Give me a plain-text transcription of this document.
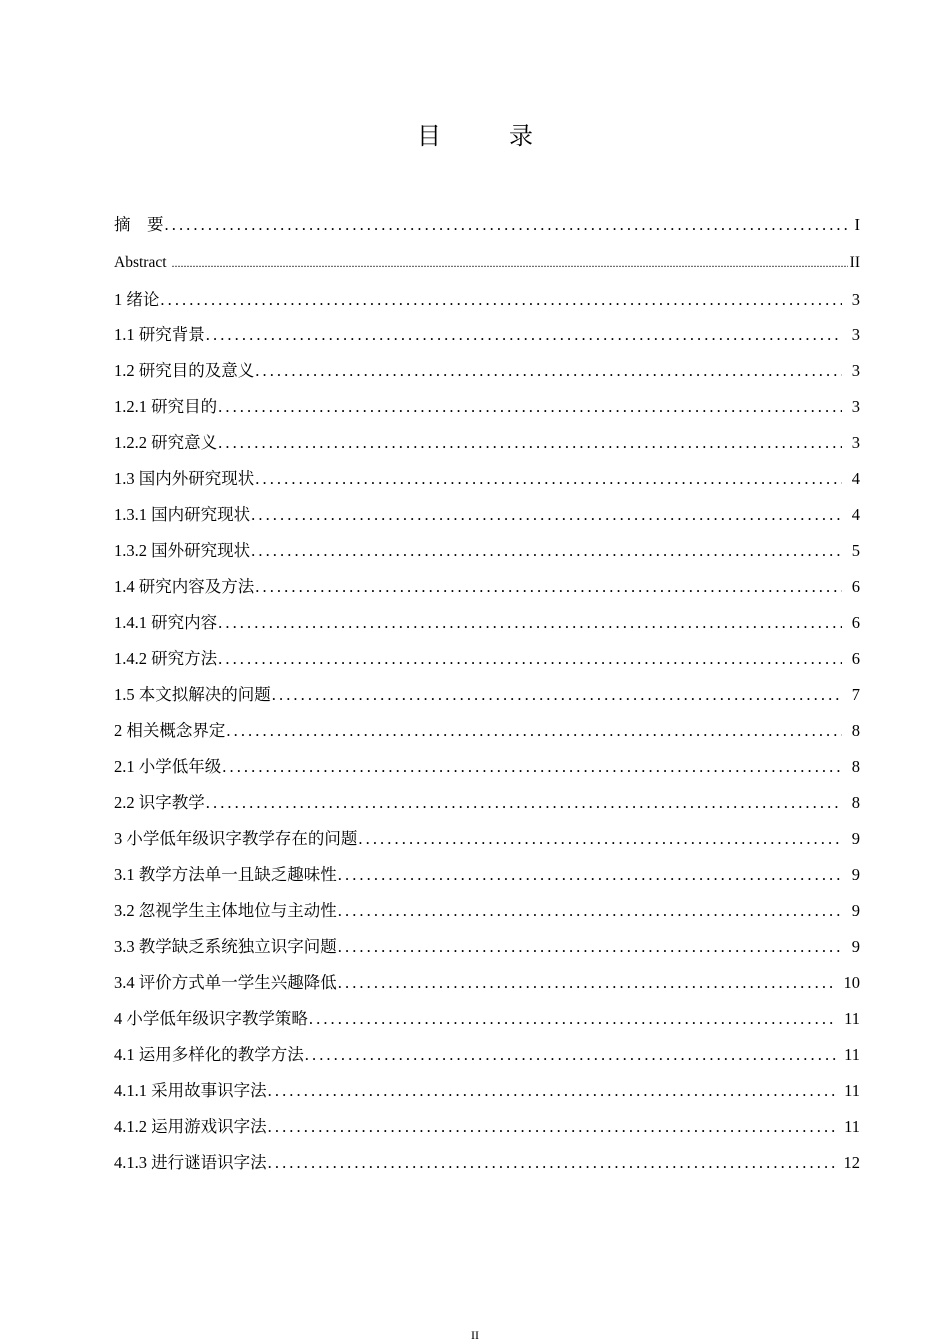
目　录
摘　要 .....	I
Abstract .....	II
1 绪论 .....	3
1.1 研究背景 .....	3
1.2 研究目的及意义 .....	3
1.2.1 研究目的 .....	3
1.2.2 研究意义 .....	3
1.3 国内外研究现状 .....	4
1.3.1 国内研究现状 .....	4
1.3.2 国外研究现状 .....	5
1.4 研究内容及方法 .....	6
1.4.1 研究内容 .....	6
1.4.2 研究方法 .....	6
1.5 本文拟解决的问题 .....	7
2 相关概念界定 .....	8
2.1 小学低年级 .....	8
2.2 识字教学 .....	8
3 小学低年级识字教学存在的问题 .....	9
3.1 教学方法单一且缺乏趣味性 .....	9
3.2 忽视学生主体地位与主动性 .....	9
3.3 教学缺乏系统独立识字问题 .....	9
3.4 评价方式单一学生兴趣降低 .....	10
4 小学低年级识字教学策略 .....	11
4.1 运用多样化的教学方法 .....	11
4.1.1 采用故事识字法 .....	11
4.1.2 运用游戏识字法 .....	11
4.1.3 进行谜语识字法 .....	12
II
